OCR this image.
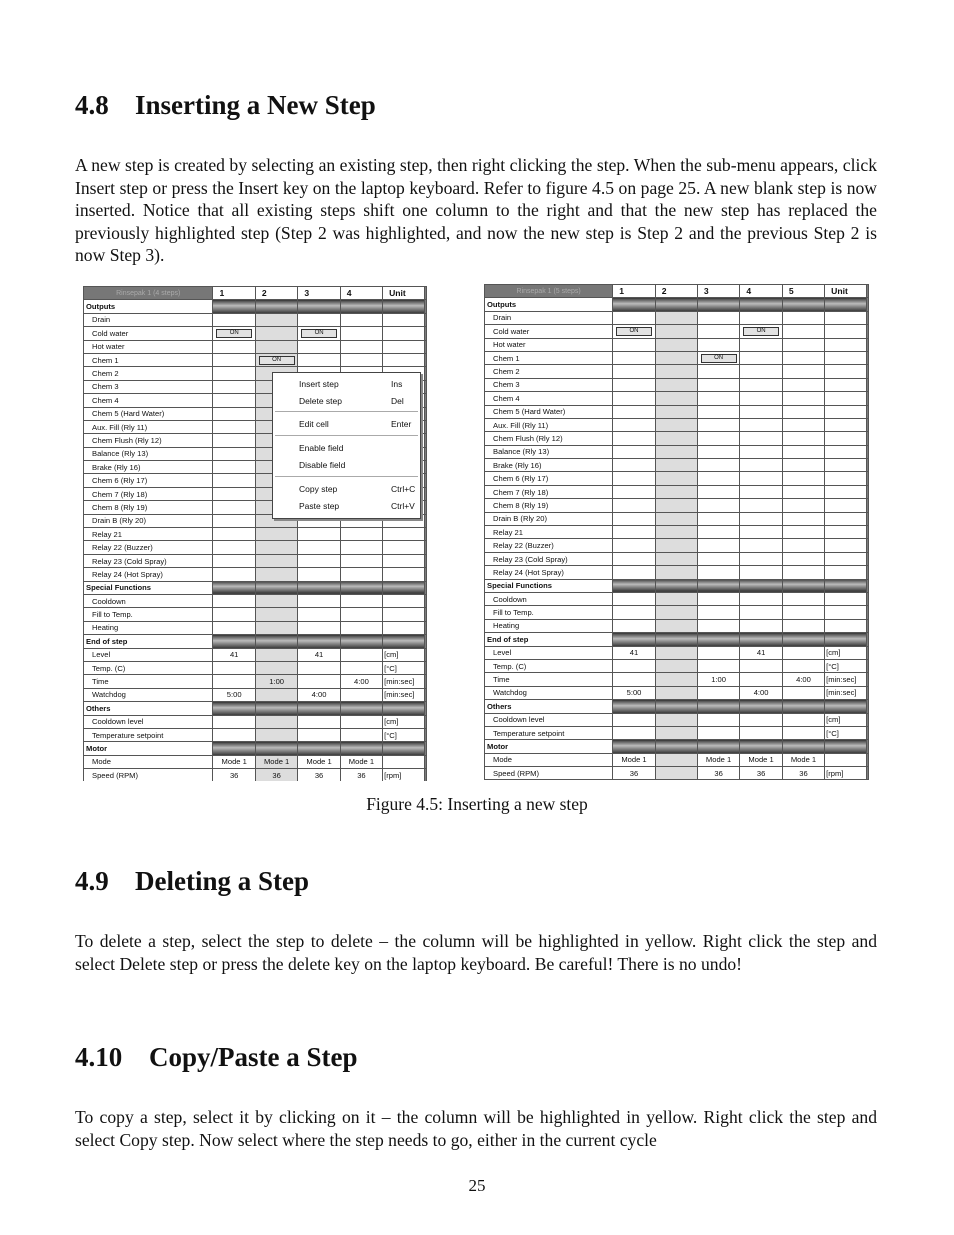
4.8 Inserting a New Step
A new step is created by selecting an existing step, then right clicking the step. When the sub-menu appears, click Insert step or press the Insert key on the laptop keyboard. Refer to figure 4.5 on page 25. A new blank step is now inserted. Notice that all existing steps shift one column to the right and that the new step has replaced the previously highlighted step (Step 2 was highlighted, and now the new step is Step 2 and the previous Step 2 is now Step 3).
Rinsepak 1 (4 steps)	1	2	3	4	Unit	
Outputs						
Drain						
Cold water	ON		ON			
Hot water						
Chem 1		ON				
Chem 2						
Chem 3						
Chem 4						
Chem 5 (Hard Water)						
Aux. Fill (Rly 11)						
Chem Flush (Rly 12)						
Balance (Rly 13)						
Brake (Rly 16)						
Chem 6 (Rly 17)						
Chem 7 (Rly 18)						
Chem 8 (Rly 19)						
Drain B (Rly 20)						
Relay 21						
Relay 22 (Buzzer)						
Relay 23 (Cold Spray)						
Relay 24 (Hot Spray)						
Special Functions						
Cooldown						
Fill to Temp.						
Heating						
End of step						
Level	41		41		[cm]	
Temp. (C)					[°C]	
Time		1:00		4:00	[min:sec]	
Watchdog	5:00		4:00		[min:sec]	
Others						
Cooldown level					[cm]	
Temperature setpoint					[°C]	
Motor						
Mode	Mode 1	Mode 1	Mode 1	Mode 1		
Speed (RPM)	36	36	36	36	[rpm]	
Rinsepak 1 (5 steps)	1	2	3	4	5	Unit	
Outputs							
Drain							
Cold water	ON			ON			
Hot water							
Chem 1			ON				
Chem 2							
Chem 3							
Chem 4							
Chem 5 (Hard Water)							
Aux. Fill (Rly 11)							
Chem Flush (Rly 12)							
Balance (Rly 13)							
Brake (Rly 16)							
Chem 6 (Rly 17)							
Chem 7 (Rly 18)							
Chem 8 (Rly 19)							
Drain B (Rly 20)							
Relay 21							
Relay 22 (Buzzer)							
Relay 23 (Cold Spray)							
Relay 24 (Hot Spray)							
Special Functions							
Cooldown							
Fill to Temp.							
Heating							
End of step							
Level	41			41		[cm]	
Temp. (C)						[°C]	
Time			1:00		4:00	[min:sec]	
Watchdog	5:00			4:00		[min:sec]	
Others							
Cooldown level						[cm]	
Temperature setpoint						[°C]	
Motor							
Mode	Mode 1		Mode 1	Mode 1	Mode 1		
Speed (RPM)	36		36	36	36	[rpm]	
Insert step	Ins
Delete step	Del
Edit cell	Enter
Enable field
Disable field
Copy step	Ctrl+C
Paste step	Ctrl+V
Figure 4.5: Inserting a new step
4.9 Deleting a Step
To delete a step, select the step to delete – the column will be highlighted in yellow. Right click the step and select Delete step or press the delete key on the laptop keyboard. Be careful! There is no undo!
4.10 Copy/Paste a Step
To copy a step, select it by clicking on it – the column will be highlighted in yellow. Right click the step and select Copy step. Now select where the step needs to go, either in the current cycle
25
